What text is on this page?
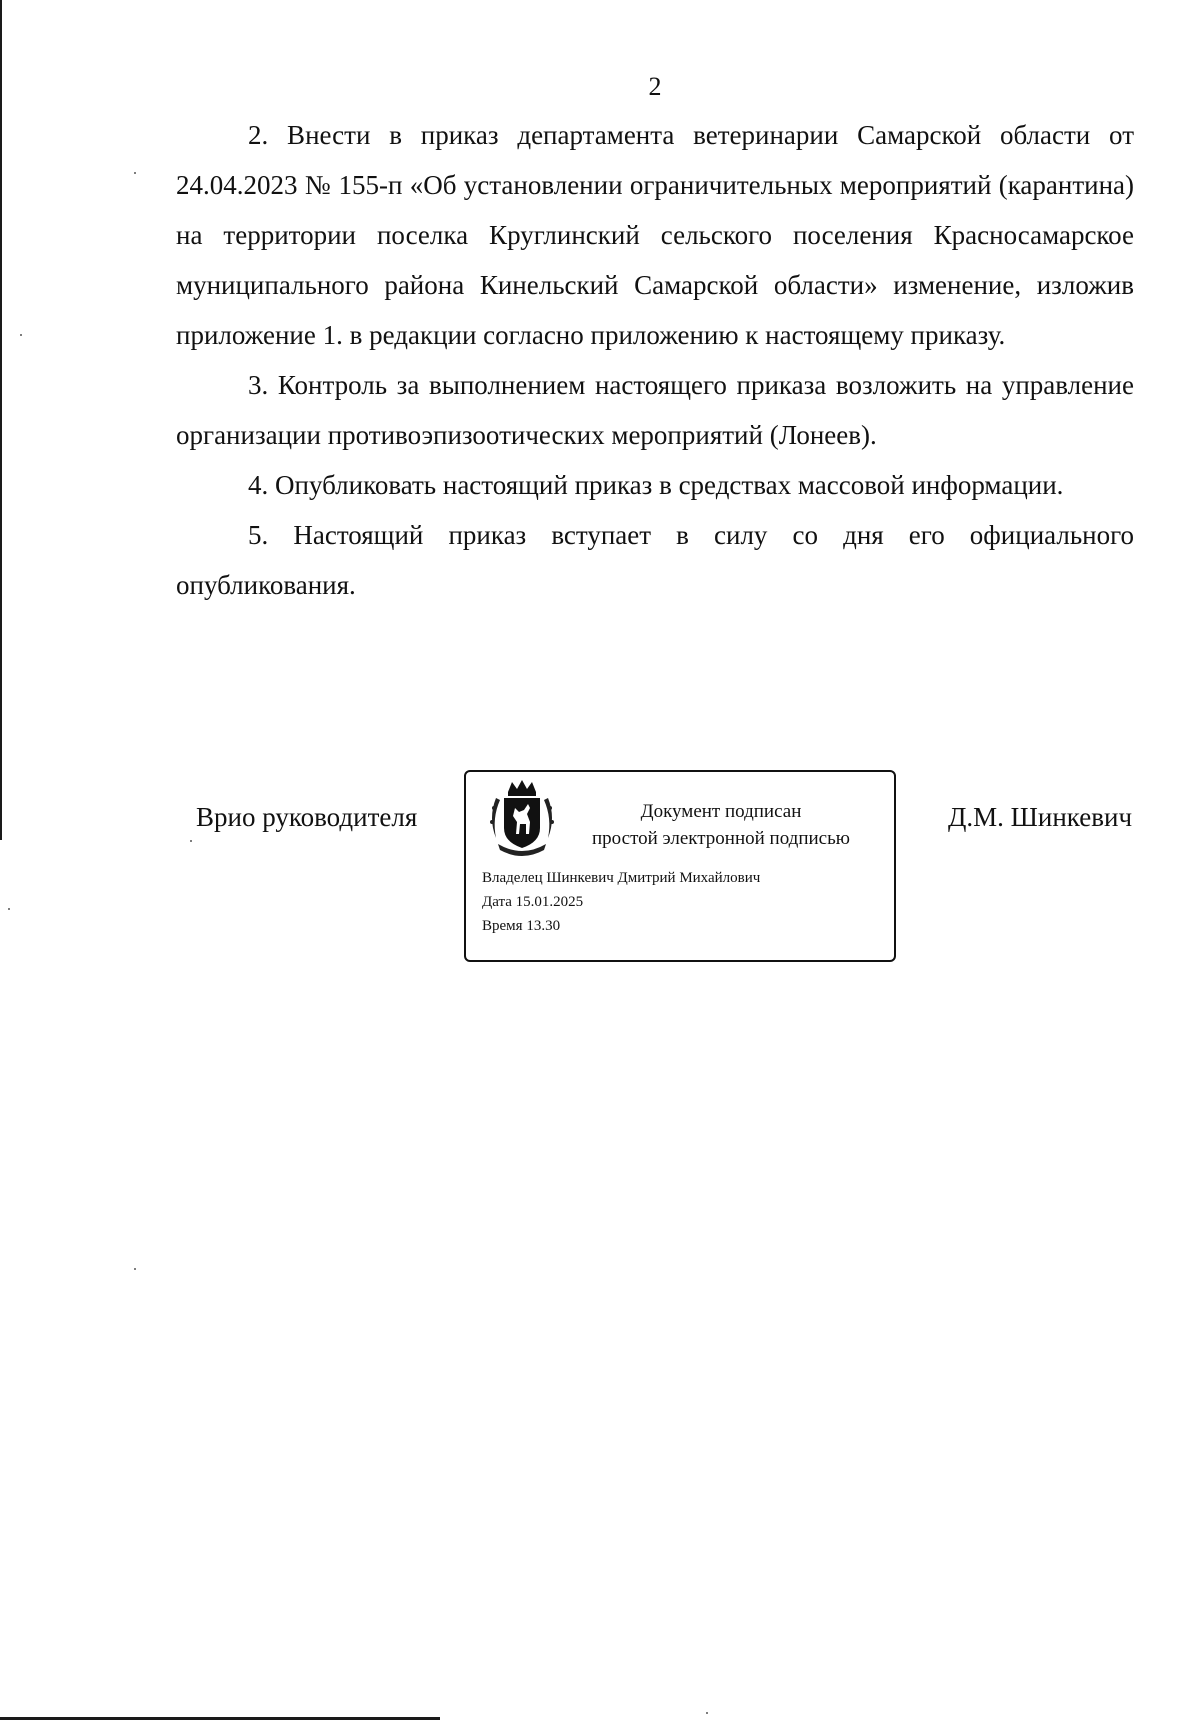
2

2. Внести в приказ департамента ветеринарии Самарской области от 24.04.2023 № 155-п «Об установлении ограничительных мероприятий (карантина) на территории поселка Круглинский сельского поселения Красносамарское муниципального района Кинельский Самарской области» изменение, изложив приложение 1. в редакции согласно приложению к настоящему приказу.

3. Контроль за выполнением настоящего приказа возложить на управление организации противоэпизоотических мероприятий (Лонеев).

4. Опубликовать настоящий приказ в средствах массовой информации.

5. Настоящий приказ вступает в силу со дня его официального опубликования.

Врио руководителя	Документ подписан
простой электронной подписью

Владелец Шинкевич Дмитрий Михайлович
Дата 15.01.2025
Время 13.30

Д.М. Шинкевич
